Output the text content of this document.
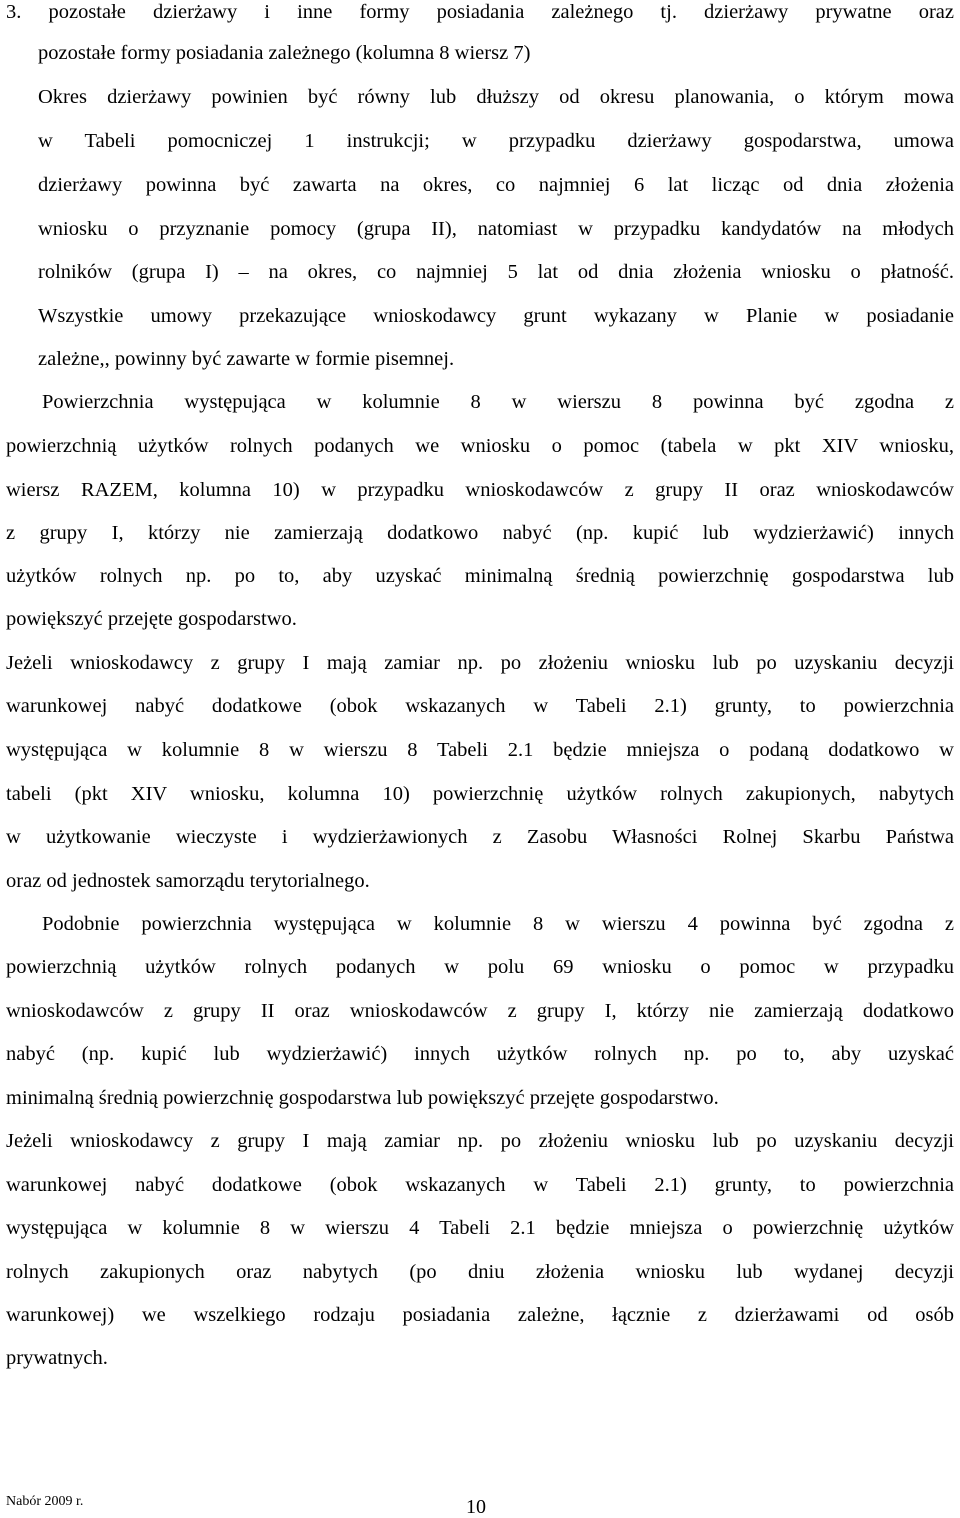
3. pozostałe dzierżawy i inne formy posiadania zależnego tj. dzierżawy prywatne oraz
pozostałe formy posiadania zależnego (kolumna 8 wiersz 7)
Okres dzierżawy powinien być równy lub dłuższy od okresu planowania, o którym mowa
w Tabeli pomocniczej 1 instrukcji; w przypadku dzierżawy gospodarstwa, umowa
dzierżawy powinna być zawarta na okres, co najmniej 6 lat licząc od dnia złożenia
wniosku o przyznanie pomocy (grupa II), natomiast w przypadku kandydatów na młodych
rolników (grupa I) – na okres, co najmniej 5 lat od dnia złożenia wniosku o płatność.
Wszystkie umowy przekazujące wnioskodawcy grunt wykazany w Planie w posiadanie
zależne,, powinny być zawarte w formie pisemnej.
Powierzchnia występująca w kolumnie 8 w wierszu 8 powinna być zgodna z
powierzchnią użytków rolnych podanych we wniosku o pomoc (tabela w pkt XIV wniosku,
wiersz RAZEM, kolumna 10) w przypadku wnioskodawców z grupy II oraz wnioskodawców
z grupy I, którzy nie zamierzają dodatkowo nabyć (np. kupić lub wydzierżawić) innych
użytków rolnych np. po to, aby uzyskać minimalną średnią powierzchnię gospodarstwa lub
powiększyć przejęte gospodarstwo.
Jeżeli wnioskodawcy z grupy I mają zamiar np. po złożeniu wniosku lub po uzyskaniu decyzji
warunkowej nabyć dodatkowe (obok wskazanych w Tabeli 2.1) grunty, to powierzchnia
występująca w kolumnie 8 w wierszu 8 Tabeli 2.1 będzie mniejsza o podaną dodatkowo w
tabeli (pkt XIV wniosku, kolumna 10) powierzchnię użytków rolnych zakupionych, nabytych
w użytkowanie wieczyste i wydzierżawionych z Zasobu Własności Rolnej Skarbu Państwa
oraz od jednostek samorządu terytorialnego.
Podobnie powierzchnia występująca w kolumnie 8 w wierszu 4 powinna być zgodna z
powierzchnią użytków rolnych podanych w polu 69 wniosku o pomoc w przypadku
wnioskodawców z grupy II oraz wnioskodawców z grupy I, którzy nie zamierzają dodatkowo
nabyć (np. kupić lub wydzierżawić) innych użytków rolnych np. po to, aby uzyskać
minimalną średnią powierzchnię gospodarstwa lub powiększyć przejęte gospodarstwo.
Jeżeli wnioskodawcy z grupy I mają zamiar np. po złożeniu wniosku lub po uzyskaniu decyzji
warunkowej nabyć dodatkowe (obok wskazanych w Tabeli 2.1) grunty, to powierzchnia
występująca w kolumnie 8 w wierszu 4 Tabeli 2.1 będzie mniejsza o powierzchnię użytków
rolnych zakupionych oraz nabytych (po dniu złożenia wniosku lub wydanej decyzji
warunkowej) we wszelkiego rodzaju posiadania zależne, łącznie z dzierżawami od osób
prywatnych.
Nabór 2009 r.	10
